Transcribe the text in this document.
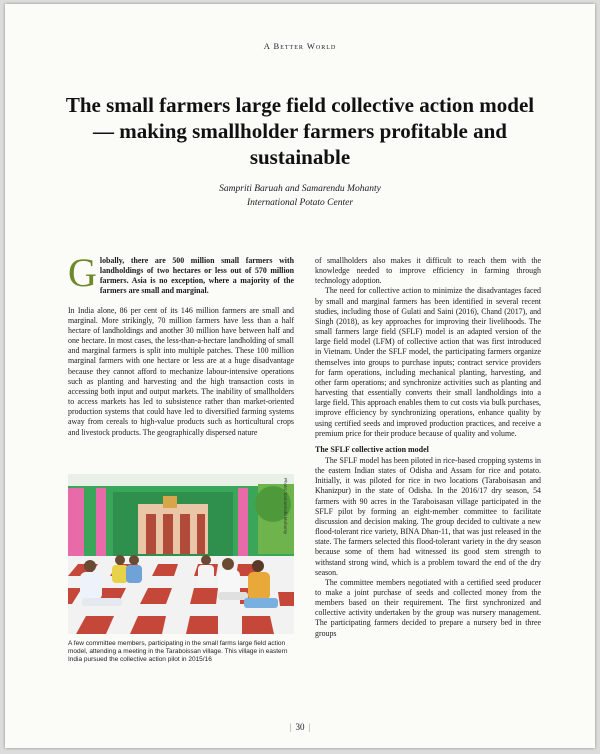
A Better World
The small farmers large field collective action model — making smallholder farmers profitable and sustainable
Sampriti Baruah and Samarendu Mohanty
International Potato Center

Globally, there are 500 million small farmers with landholdings of two hectares or less out of 570 million farmers. Asia is no exception, where a majority of the farmers are small and marginal.

In India alone, 86 per cent of its 146 million farmers are small and marginal. More strikingly, 70 million farmers have less than a half hectare of landholdings and another 30 million have between half and one hectare. In most cases, the less-than-a-hectare landholding of small and marginal farmers is split into multiple patches. These 100 million marginal farmers with one hectare or less are at a huge disadvantage because they cannot afford to mechanize labour-intensive operations such as planting and harvesting and the high transaction costs in accessing both input and output markets. The inability of smallholders to access markets has led to subsistence rather than market-oriented production systems that could have led to diversified farming systems away from cereals to high-value products such as horticultural crops and livestock products. The geographically dispersed nature

Photo: Samarendu Mohanty
A few committee members, participating in the small farms large field action model, attending a meeting in the Taraboissan village. This village in eastern India pursued the collective action pilot in 2015/16

of smallholders also makes it difficult to reach them with the knowledge needed to improve efficiency in farming through technology adoption.

The need for collective action to minimize the disadvantages faced by small and marginal farmers has been identified in several recent studies, including those of Gulati and Saini (2016), Chand (2017), and Singh (2018), as key approaches for improving their livelihoods. The small farmers large field (SFLF) model is an adapted version of the large field model (LFM) of collective action that was first introduced in Vietnam. Under the SFLF model, the participating farmers organize themselves into groups to purchase inputs; contract service providers for farm operations, including mechanical planting, harvesting, and other farm operations; and synchronize activities such as planting and harvesting that essentially converts their small landholdings into a large field. This approach enables them to cut costs via bulk purchases, improve efficiency by synchronizing operations, enhance quality by using certified seeds and improved production practices, and receive a premium price for their produce because of quality and volume.

The SFLF collective action model

The SFLF model has been piloted in rice-based cropping systems in the eastern Indian states of Odisha and Assam for rice and potato. Initially, it was piloted for rice in two locations (Taraboisasan and Khanizpur) in the state of Odisha. In the 2016/17 dry season, 54 farmers with 90 acres in the Taraboisasan village participated in the SFLF pilot by forming an eight-member committee to facilitate discussion and decision making. The group decided to cultivate a new flood-tolerant rice variety, BINA Dhan-11, that was just released in the state. The farmers selected this flood-tolerant variety in the dry season because some of them had witnessed its good stem strength to withstand strong wind, which is a problem toward the end of the dry season.

The committee members negotiated with a certified seed producer to make a joint purchase of seeds and collected money from the members based on their requirement. The first synchronized and collective activity undertaken by the group was nursery management. The participating farmers decided to prepare a nursery bed in three groups

| 30 |
